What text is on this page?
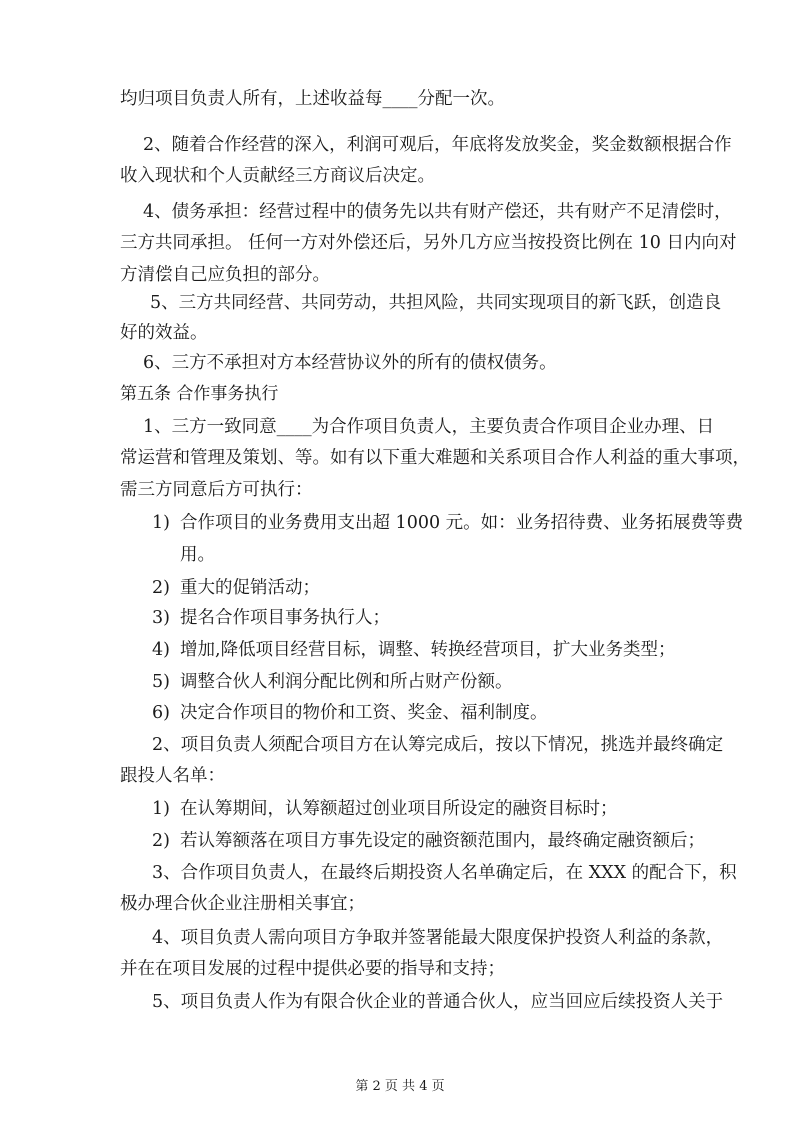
均归项目负责人所有，上述收益每____分配一次。
2、随着合作经营的深入，利润可观后，年底将发放奖金，奖金数额根据合作
收入现状和个人贡献经三方商议后决定。
4、债务承担：经营过程中的债务先以共有财产偿还，共有财产不足清偿时，
三方共同承担。 任何一方对外偿还后，另外几方应当按投资比例在 10 日内向对
方清偿自己应负担的部分。
5、三方共同经营、共同劳动，共担风险，共同实现项目的新飞跃，创造良
好的效益。
6、三方不承担对方本经营协议外的所有的债权债务。
第五条 合作事务执行
1、三方一致同意____为合作项目负责人，主要负责合作项目企业办理、日
常运营和管理及策划、等。如有以下重大难题和关系项目合作人利益的重大事项，
需三方同意后方可执行：
1) 合作项目的业务费用支出超 1000 元。如：业务招待费、业务拓展费等费
用。
2) 重大的促销活动；
3) 提名合作项目事务执行人；
4) 增加,降低项目经营目标，调整、转换经营项目，扩大业务类型；
5) 调整合伙人利润分配比例和所占财产份额。
6) 决定合作项目的物价和工资、奖金、福利制度。
2、项目负责人须配合项目方在认筹完成后，按以下情况，挑选并最终确定
跟投人名单：
1) 在认筹期间，认筹额超过创业项目所设定的融资目标时；
2) 若认筹额落在项目方事先设定的融资额范围内，最终确定融资额后；
3、合作项目负责人，在最终后期投资人名单确定后，在 XXX 的配合下，积
极办理合伙企业注册相关事宜；
4、项目负责人需向项目方争取并签署能最大限度保护投资人利益的条款，
并在在项目发展的过程中提供必要的指导和支持；
5、项目负责人作为有限合伙企业的普通合伙人，应当回应后续投资人关于
第 2 页 共 4 页
